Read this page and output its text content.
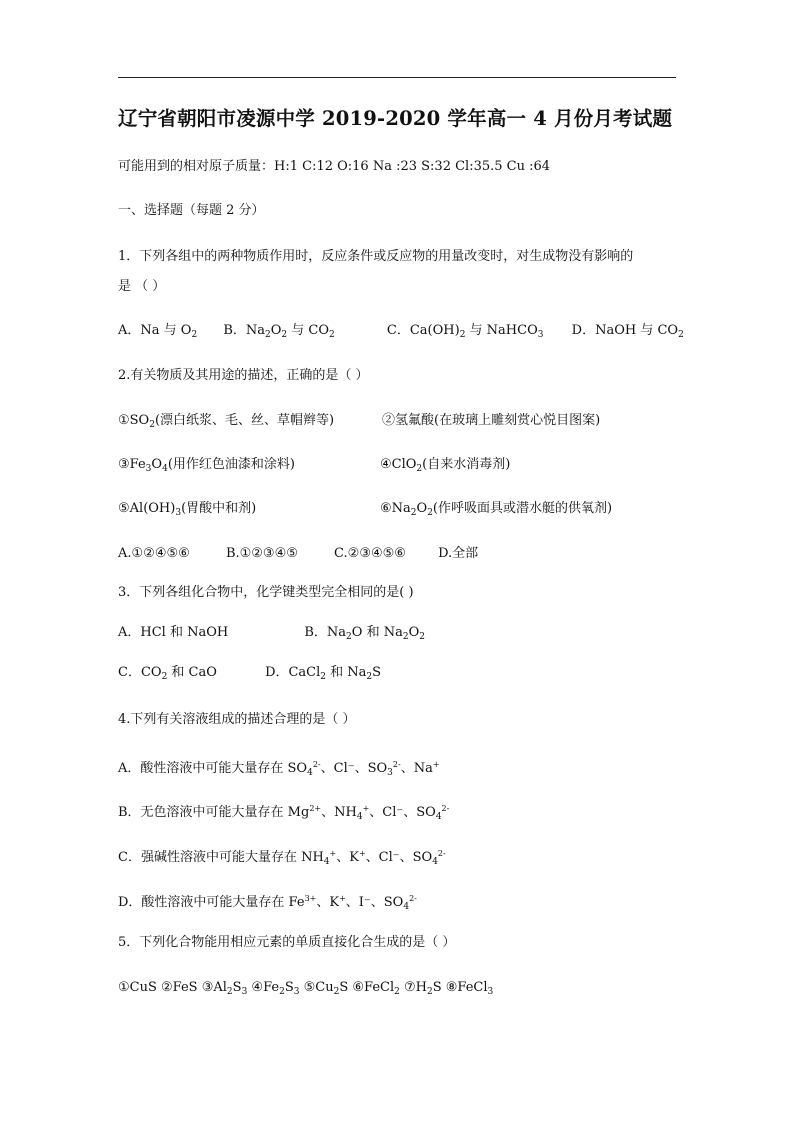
辽宁省朝阳市凌源中学 2019-2020 学年高一 4 月份月考试题
可能用到的相对原子质量：H:1 C:12 O:16 Na :23 S:32 Cl:35.5 Cu :64
一、选择题（每题 2 分）
1．下列各组中的两种物质作用时，反应条件或反应物的用量改变时，对生成物没有影响的
是 （ ）
A．Na 与 $O_2$ B．$Na_2O_2$ 与 $CO_2$	C．$Ca(OH)_2$ 与 NaHCO$_3$ D．NaOH 与 $CO_2$
2.有关物质及其用途的描述，正确的是（ ）
$①SO_2$(漂白纸浆、毛、丝、草帽辫等)	②氢氟酸(在玻璃上雕刻赏心悦目图案)
$③Fe_3O_4$(用作红色油漆和涂料)	④ClO$_2$(自来水消毒剂)
$⑤Al(OH)_3$(胃酸中和剂)	$⑥Na_2O_2$(作呼吸面具或潜水艇的供氧剂)
A.①②④⑤⑥	B.①②③④⑤	C.②③④⑤⑥ D.全部
3．下列各组化合物中，化学键类型完全相同的是( )
A．HCl 和 NaOH	B．$Na_2O$ 和 $Na_2O_2$
C．$CO_2$ 和 CaO	D．CaCl$_2$ 和 $Na_2S$
4.下列有关溶液组成的描述合理的是（ ）
A．酸性溶液中可能大量存在 $SO_4^{2-}$、Cl⁻、$SO_3^{2-}$、Na+
B．无色溶液中可能大量存在 $Mg^{2+}$、$NH_4^+$、Cl⁻、$SO_4^{2-}$
C．强碱性溶液中可能大量存在 $NH_4^+$、K+、Cl⁻、$SO_4^{2-}$
D．酸性溶液中可能大量存在 $Fe^{3+}$、K+、I⁻、$SO_4^{2-}$
5．下列化合物能用相应元素的单质直接化合生成的是（ ）
①CuS ②FeS $③Al_2S_3$ $④Fe_2S_3$ $⑤Cu_2S$ ⑥FeCl$_2$ $⑦H_2S$ ⑧FeCl$_3$
